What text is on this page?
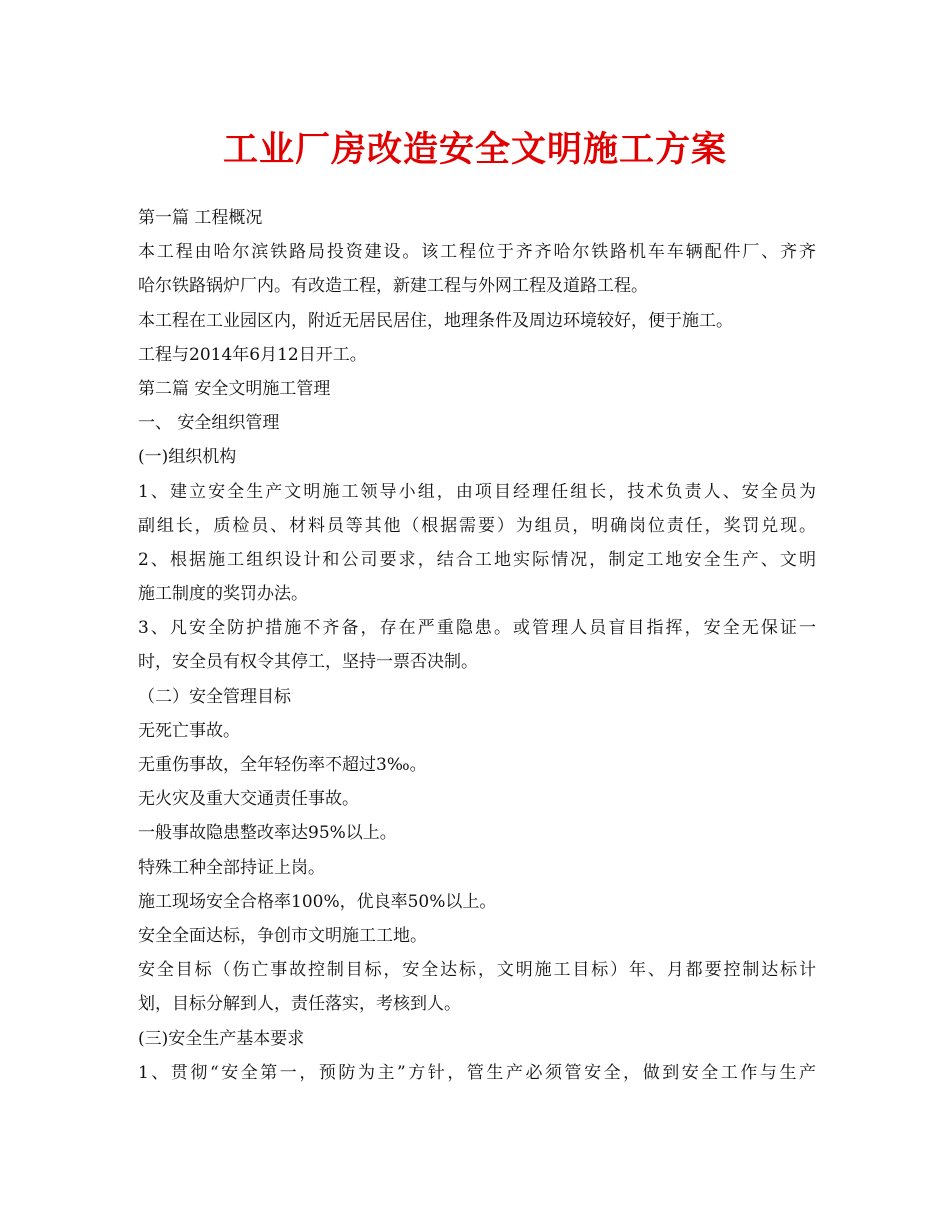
工业厂房改造安全文明施工方案
第一篇 工程概况
本工程由哈尔滨铁路局投资建设。该工程位于齐齐哈尔铁路机车车辆配件厂、齐齐
哈尔铁路锅炉厂内。有改造工程，新建工程与外网工程及道路工程。
本工程在工业园区内，附近无居民居住，地理条件及周边环境较好，便于施工。
工程与2014年6月12日开工。
第二篇 安全文明施工管理
一、 安全组织管理
(一)组织机构
1、建立安全生产文明施工领导小组，由项目经理任组长，技术负责人、安全员为
副组长，质检员、材料员等其他（根据需要）为组员，明确岗位责任，奖罚兑现。
2、根据施工组织设计和公司要求，结合工地实际情况，制定工地安全生产、文明
施工制度的奖罚办法。
3、凡安全防护措施不齐备，存在严重隐患。或管理人员盲目指挥，安全无保证一
时，安全员有权令其停工，坚持一票否决制。
（二）安全管理目标
无死亡事故。
无重伤事故，全年轻伤率不超过3‰。
无火灾及重大交通责任事故。
一般事故隐患整改率达95%以上。
特殊工种全部持证上岗。
施工现场安全合格率100%，优良率50%以上。
安全全面达标，争创市文明施工工地。
安全目标（伤亡事故控制目标，安全达标，文明施工目标）年、月都要控制达标计
划，目标分解到人，责任落实，考核到人。
(三)安全生产基本要求
1、贯彻“安全第一，预防为主”方针，管生产必须管安全，做到安全工作与生产
